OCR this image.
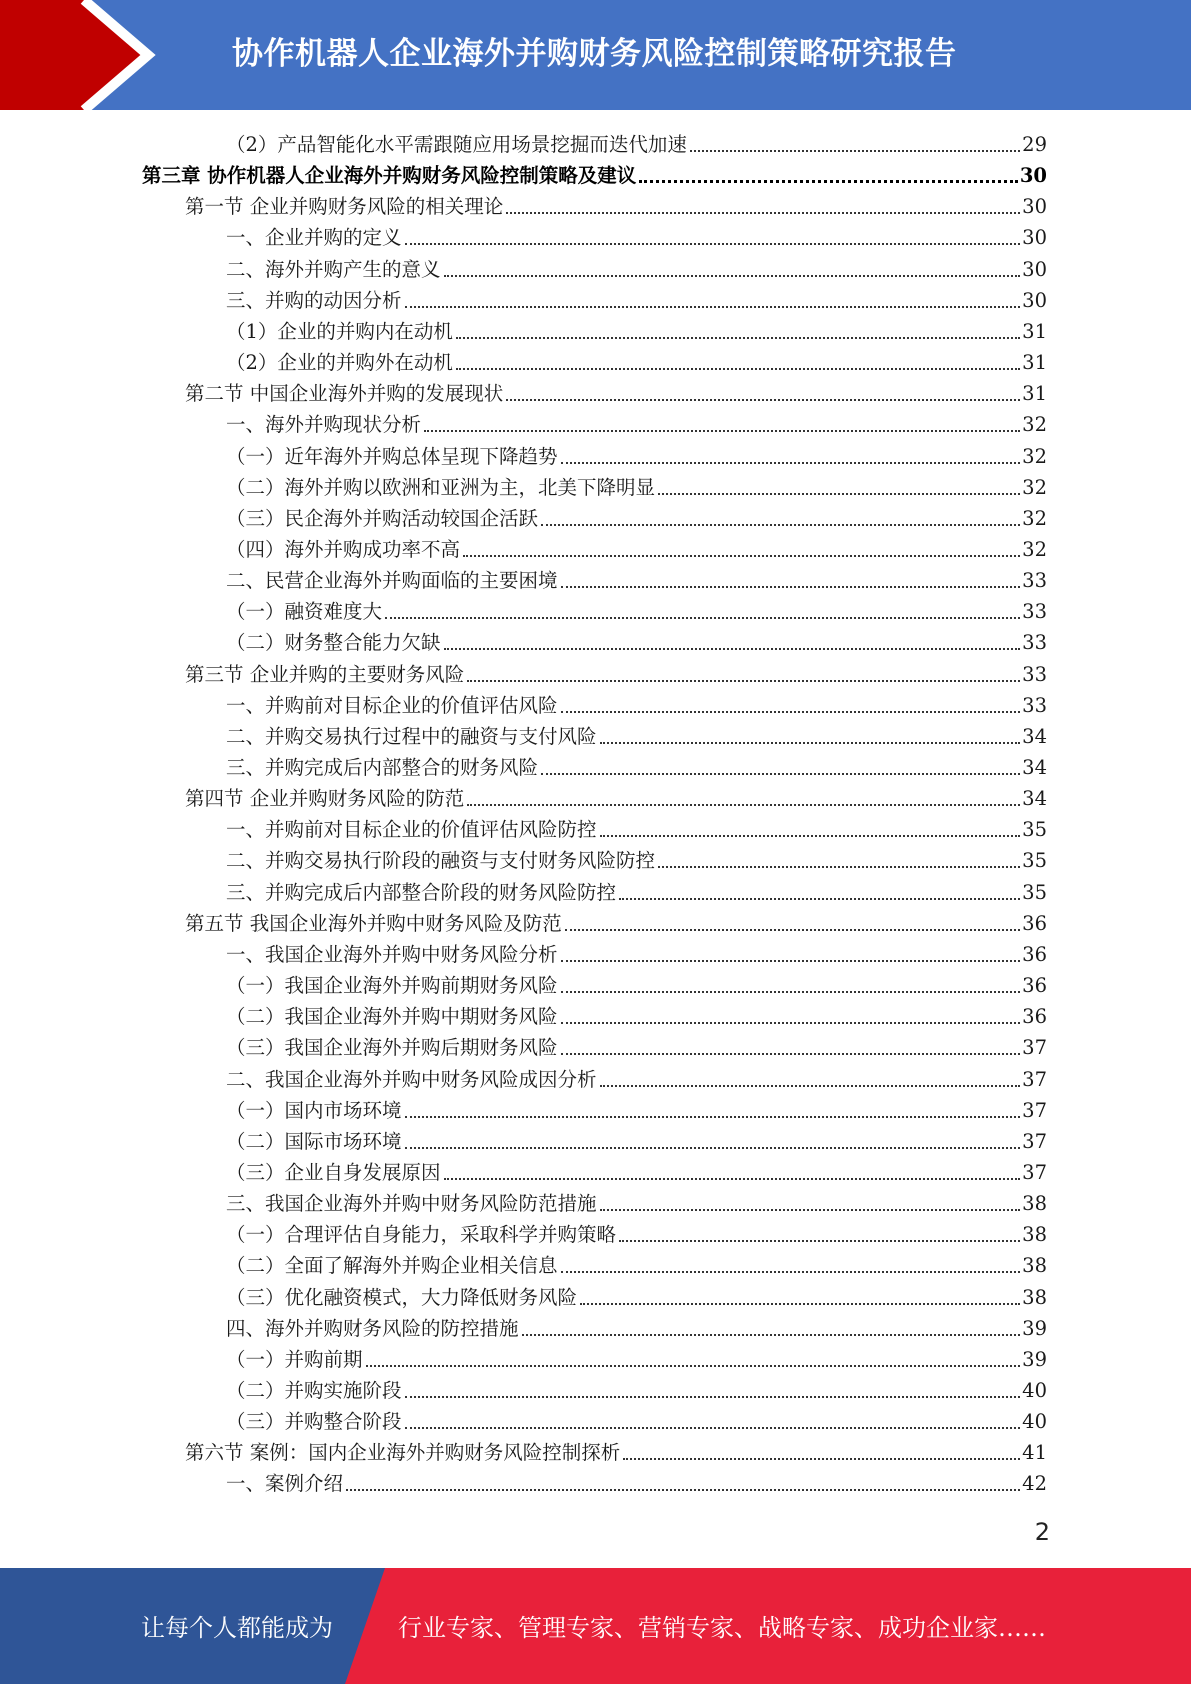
协作机器人企业海外并购财务风险控制策略研究报告
（2）产品智能化水平需跟随应用场景挖掘而迭代加速	29
第三章 协作机器人企业海外并购财务风险控制策略及建议	30
第一节 企业并购财务风险的相关理论	30
一、企业并购的定义	30
二、海外并购产生的意义	30
三、并购的动因分析	30
（1）企业的并购内在动机	31
（2）企业的并购外在动机	31
第二节 中国企业海外并购的发展现状	31
一、海外并购现状分析	32
（一）近年海外并购总体呈现下降趋势	32
（二）海外并购以欧洲和亚洲为主，北美下降明显	32
（三）民企海外并购活动较国企活跃	32
（四）海外并购成功率不高	32
二、民营企业海外并购面临的主要困境	33
（一）融资难度大	33
（二）财务整合能力欠缺	33
第三节 企业并购的主要财务风险	33
一、并购前对目标企业的价值评估风险	33
二、并购交易执行过程中的融资与支付风险	34
三、并购完成后内部整合的财务风险	34
第四节 企业并购财务风险的防范	34
一、并购前对目标企业的价值评估风险防控	35
二、并购交易执行阶段的融资与支付财务风险防控	35
三、并购完成后内部整合阶段的财务风险防控	35
第五节 我国企业海外并购中财务风险及防范	36
一、我国企业海外并购中财务风险分析	36
（一）我国企业海外并购前期财务风险	36
（二）我国企业海外并购中期财务风险	36
（三）我国企业海外并购后期财务风险	37
二、我国企业海外并购中财务风险成因分析	37
（一）国内市场环境	37
（二）国际市场环境	37
（三）企业自身发展原因	37
三、我国企业海外并购中财务风险防范措施	38
（一）合理评估自身能力，采取科学并购策略	38
（二）全面了解海外并购企业相关信息	38
（三）优化融资模式，大力降低财务风险	38
四、海外并购财务风险的防控措施	39
（一）并购前期	39
（二）并购实施阶段	40
（三）并购整合阶段	40
第六节 案例：国内企业海外并购财务风险控制探析	41
一、案例介绍	42
2
让每个人都能成为	行业专家、管理专家、营销专家、战略专家、成功企业家……
